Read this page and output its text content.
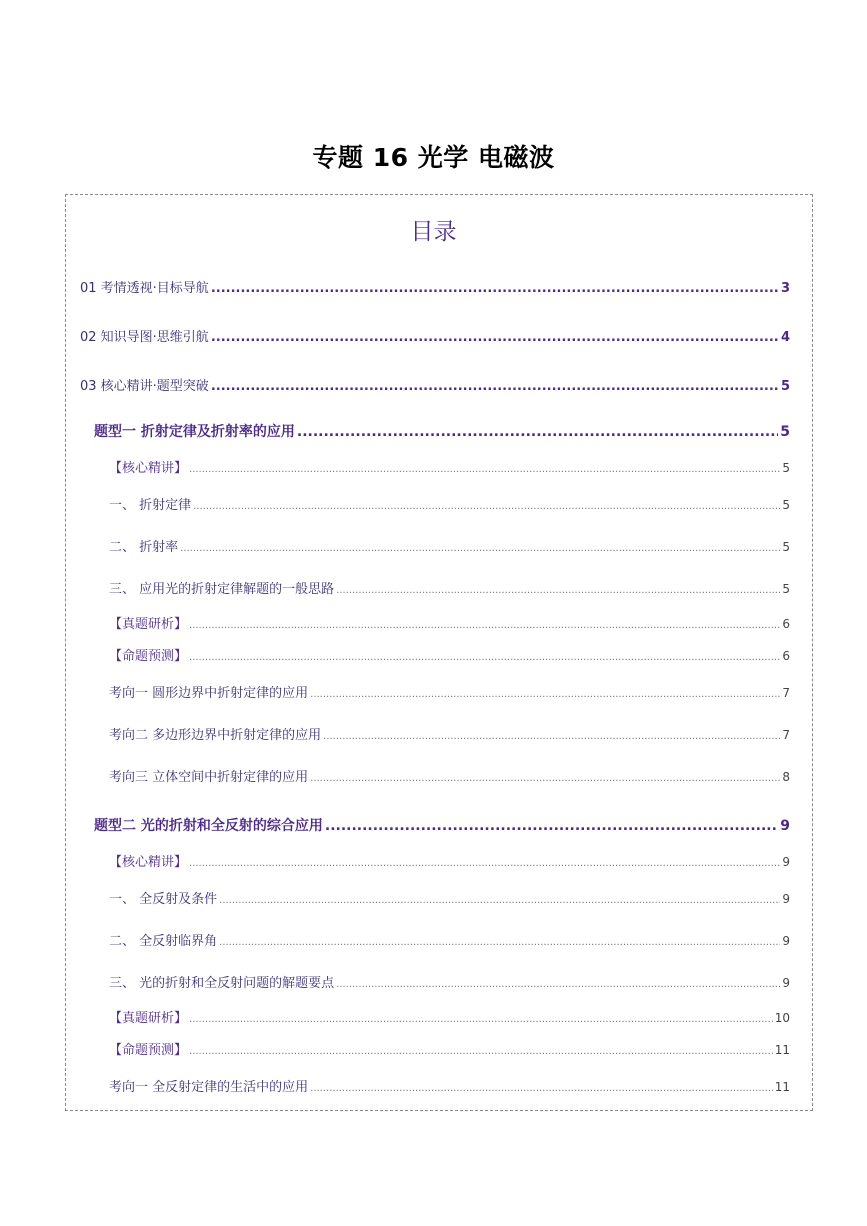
专题 16 光学 电磁波
目录
01 考情透视·目标导航 .....	3
02 知识导图·思维引航 .....	4
03 核心精讲·题型突破 .....	5
题型一 折射定律及折射率的应用 .....	5
【核心精讲】 .....	5
一、 折射定律 .....	5
二、 折射率 .....	5
三、 应用光的折射定律解题的一般思路 .....	5
【真题研析】 .....	6
【命题预测】 .....	6
考向一 圆形边界中折射定律的应用 .....	7
考向二 多边形边界中折射定律的应用 .....	7
考向三 立体空间中折射定律的应用 .....	8
题型二 光的折射和全反射的综合应用 .....	9
【核心精讲】 .....	9
一、 全反射及条件 .....	9
二、 全反射临界角 .....	9
三、 光的折射和全反射问题的解题要点 .....	9
【真题研析】 .....	10
【命题预测】 .....	11
考向一 全反射定律的生活中的应用 .....	11
